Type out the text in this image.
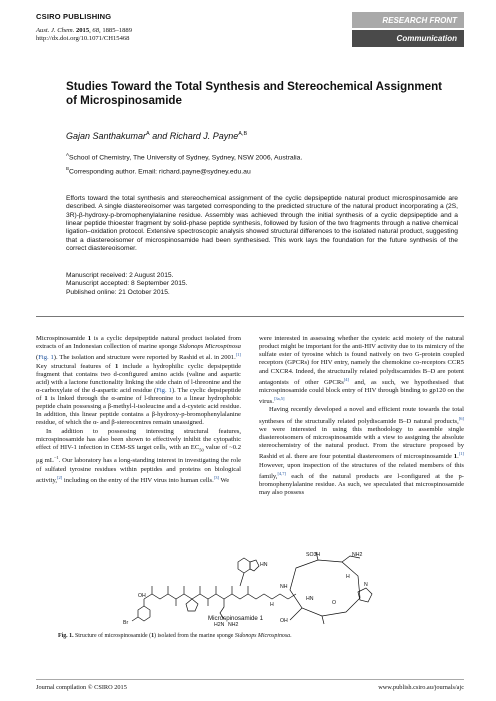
CSIRO PUBLISHING	RESEARCH FRONT
Communication
Aust. J. Chem. 2015, 68, 1885–1889
http://dx.doi.org/10.1071/CH15468
Studies Toward the Total Synthesis and Stereochemical Assignment of Microspinosamide
Gajan Santhakumar$^A$ and Richard J. Payne$^{A,B}$
$^A$School of Chemistry, The University of Sydney, Sydney, NSW 2006, Australia.
$^B$Corresponding author. Email: richard.payne@sydney.edu.au
Efforts toward the total synthesis and stereochemical assignment of the cyclic depsipeptide natural product microspinosamide are described. A single diastereoisomer was targeted corresponding to the predicted structure of the natural product incorporating a (2S, 3R)-β-hydroxy-p-bromophenylalanine residue. Assembly was achieved through the initial synthesis of a cyclic depsipeptide and a linear peptide thioester fragment by solid-phase peptide synthesis, followed by fusion of the two fragments through a native chemical ligation–oxidation protocol. Extensive spectroscopic analysis showed structural differences to the isolated natural product, suggesting that a diastereoisomer of microspinosamide had been synthesised. This work lays the foundation for the future synthesis of the correct diastereoisomer.
Manuscript received: 2 August 2015.
Manuscript accepted: 8 September 2015.
Published online: 21 October 2015.

Microspinosamide 1 is a cyclic depsipeptide natural product isolated from extracts of an Indonesian collection of marine sponge Sidonops Microspinosa (Fig. 1). The isolation and structure were reported by Rashid et al. in 2001.[1] Key structural features of 1 include a hydrophilic cyclic depsipeptide fragment that contains two d-configured amino acids (valine and aspartic acid) with a lactone functionality linking the side chain of l-threonine and the α-carboxylate of the d-aspartic acid residue (Fig. 1). The cyclic depsipeptide of 1 is linked through the α-amine of l-threonine to a linear hydrophobic peptide chain possessing a β-methyl-l-isoleucine and a d-cysteic acid residue. In addition, this linear peptide contains a β-hydroxy-p-bromophenylalanine residue, of which the α- and β-stereocentres remain unassigned.

In addition to possessing interesting structural features, microspinosamide has also been shown to effectively inhibit the cytopathic effect of HIV-1 infection in CEM-SS target cells, with an $EC_{50}$ value of ~0.2 μg $mL^{-1}$. Our laboratory has a long-standing interest in investigating the role of sulfated tyrosine residues within peptides and proteins on biological activity,[2] including on the entry of the HIV virus into human cells.[3] We

were interested in assessing whether the cysteic acid moiety of the natural product might be important for the anti-HIV activity due to its mimicry of the sulfate ester of tyrosine which is found natively on two G-protein coupled receptors (GPCRs) for HIV entry, namely the chemokine co-receptors CCR5 and CXCR4. Indeed, the structurally related polydiscamides B–D are potent antagonists of other GPCRs[4] and, as such, we hypothesised that microspinosamide could block entry of HIV through binding to gp120 on the virus.[3a,5]

Having recently developed a novel and efficient route towards the total syntheses of the structurally related polydiscamide B–D natural products,[6] we were interested in using this methodology to assemble single diastereoisomers of microspinosamide with a view to assigning the absolute stereochemistry of the natural product. From the structure proposed by Rashid et al. there are four potential diastereomers of microspinosamide 1.[1] However, upon inspection of the structures of the related members of this family,[4,7] each of the natural products are l-configured at the p-bromophenylalanine residue. As such, we speculated that microspinosamide may also possess

Br
OH
SO3H	NH2
HN
NH
H2N
OH
NH2
O
HN
N
H
H
Microspinosamide 1
Fig. 1. Structure of microspinosamide (1) isolated from the marine sponge Sidonops Microspinosa.
Journal compilation © CSIRO 2015	www.publish.csiro.au/journals/ajc
